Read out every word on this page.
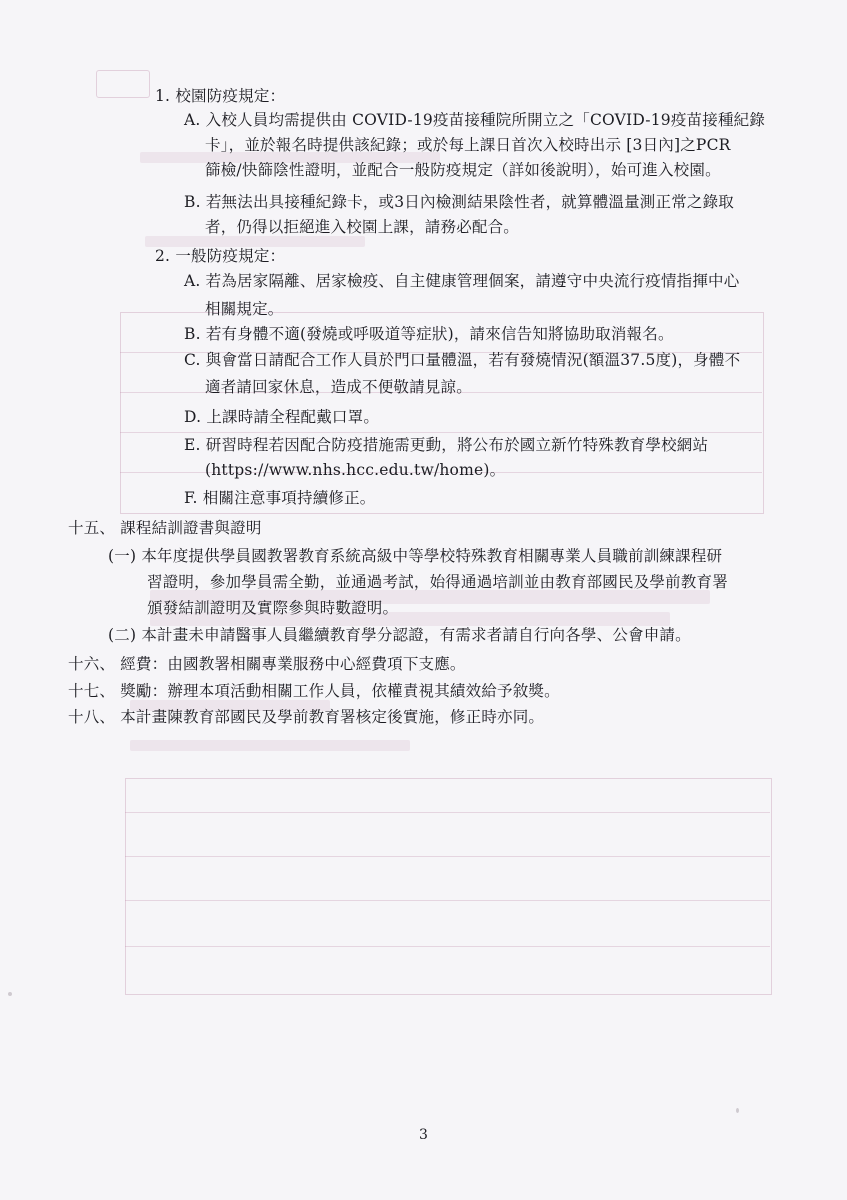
1. 校園防疫規定：
A. 入校人員均需提供由 COVID-19疫苗接種院所開立之「COVID-19疫苗接種紀錄
卡」，並於報名時提供該紀錄；或於每上課日首次入校時出示 [3日內]之PCR
篩檢/快篩陰性證明，並配合一般防疫規定（詳如後說明），始可進入校園。
B. 若無法出具接種紀錄卡，或3日內檢測結果陰性者，就算體溫量測正常之錄取
者，仍得以拒絕進入校園上課，請務必配合。
2. 一般防疫規定：
A. 若為居家隔離、居家檢疫、自主健康管理個案，請遵守中央流行疫情指揮中心
相關規定。
B. 若有身體不適(發燒或呼吸道等症狀)，請來信告知將協助取消報名。
C. 與會當日請配合工作人員於門口量體溫，若有發燒情況(額溫37.5度)，身體不
適者請回家休息，造成不便敬請見諒。
D. 上課時請全程配戴口罩。
E. 研習時程若因配合防疫措施需更動，將公布於國立新竹特殊教育學校網站
(https://www.nhs.hcc.edu.tw/home)。
F. 相關注意事項持續修正。
十五、 課程結訓證書與證明
(一) 本年度提供學員國教署教育系統高級中等學校特殊教育相關專業人員職前訓練課程研
習證明，參加學員需全勤，並通過考試，始得通過培訓並由教育部國民及學前教育署
頒發結訓證明及實際參與時數證明。
(二) 本計畫未申請醫事人員繼續教育學分認證，有需求者請自行向各學、公會申請。
十六、 經費：由國教署相關專業服務中心經費項下支應。
十七、 獎勵：辦理本項活動相關工作人員，依權責視其績效給予敘獎。
十八、 本計畫陳教育部國民及學前教育署核定後實施，修正時亦同。
3
